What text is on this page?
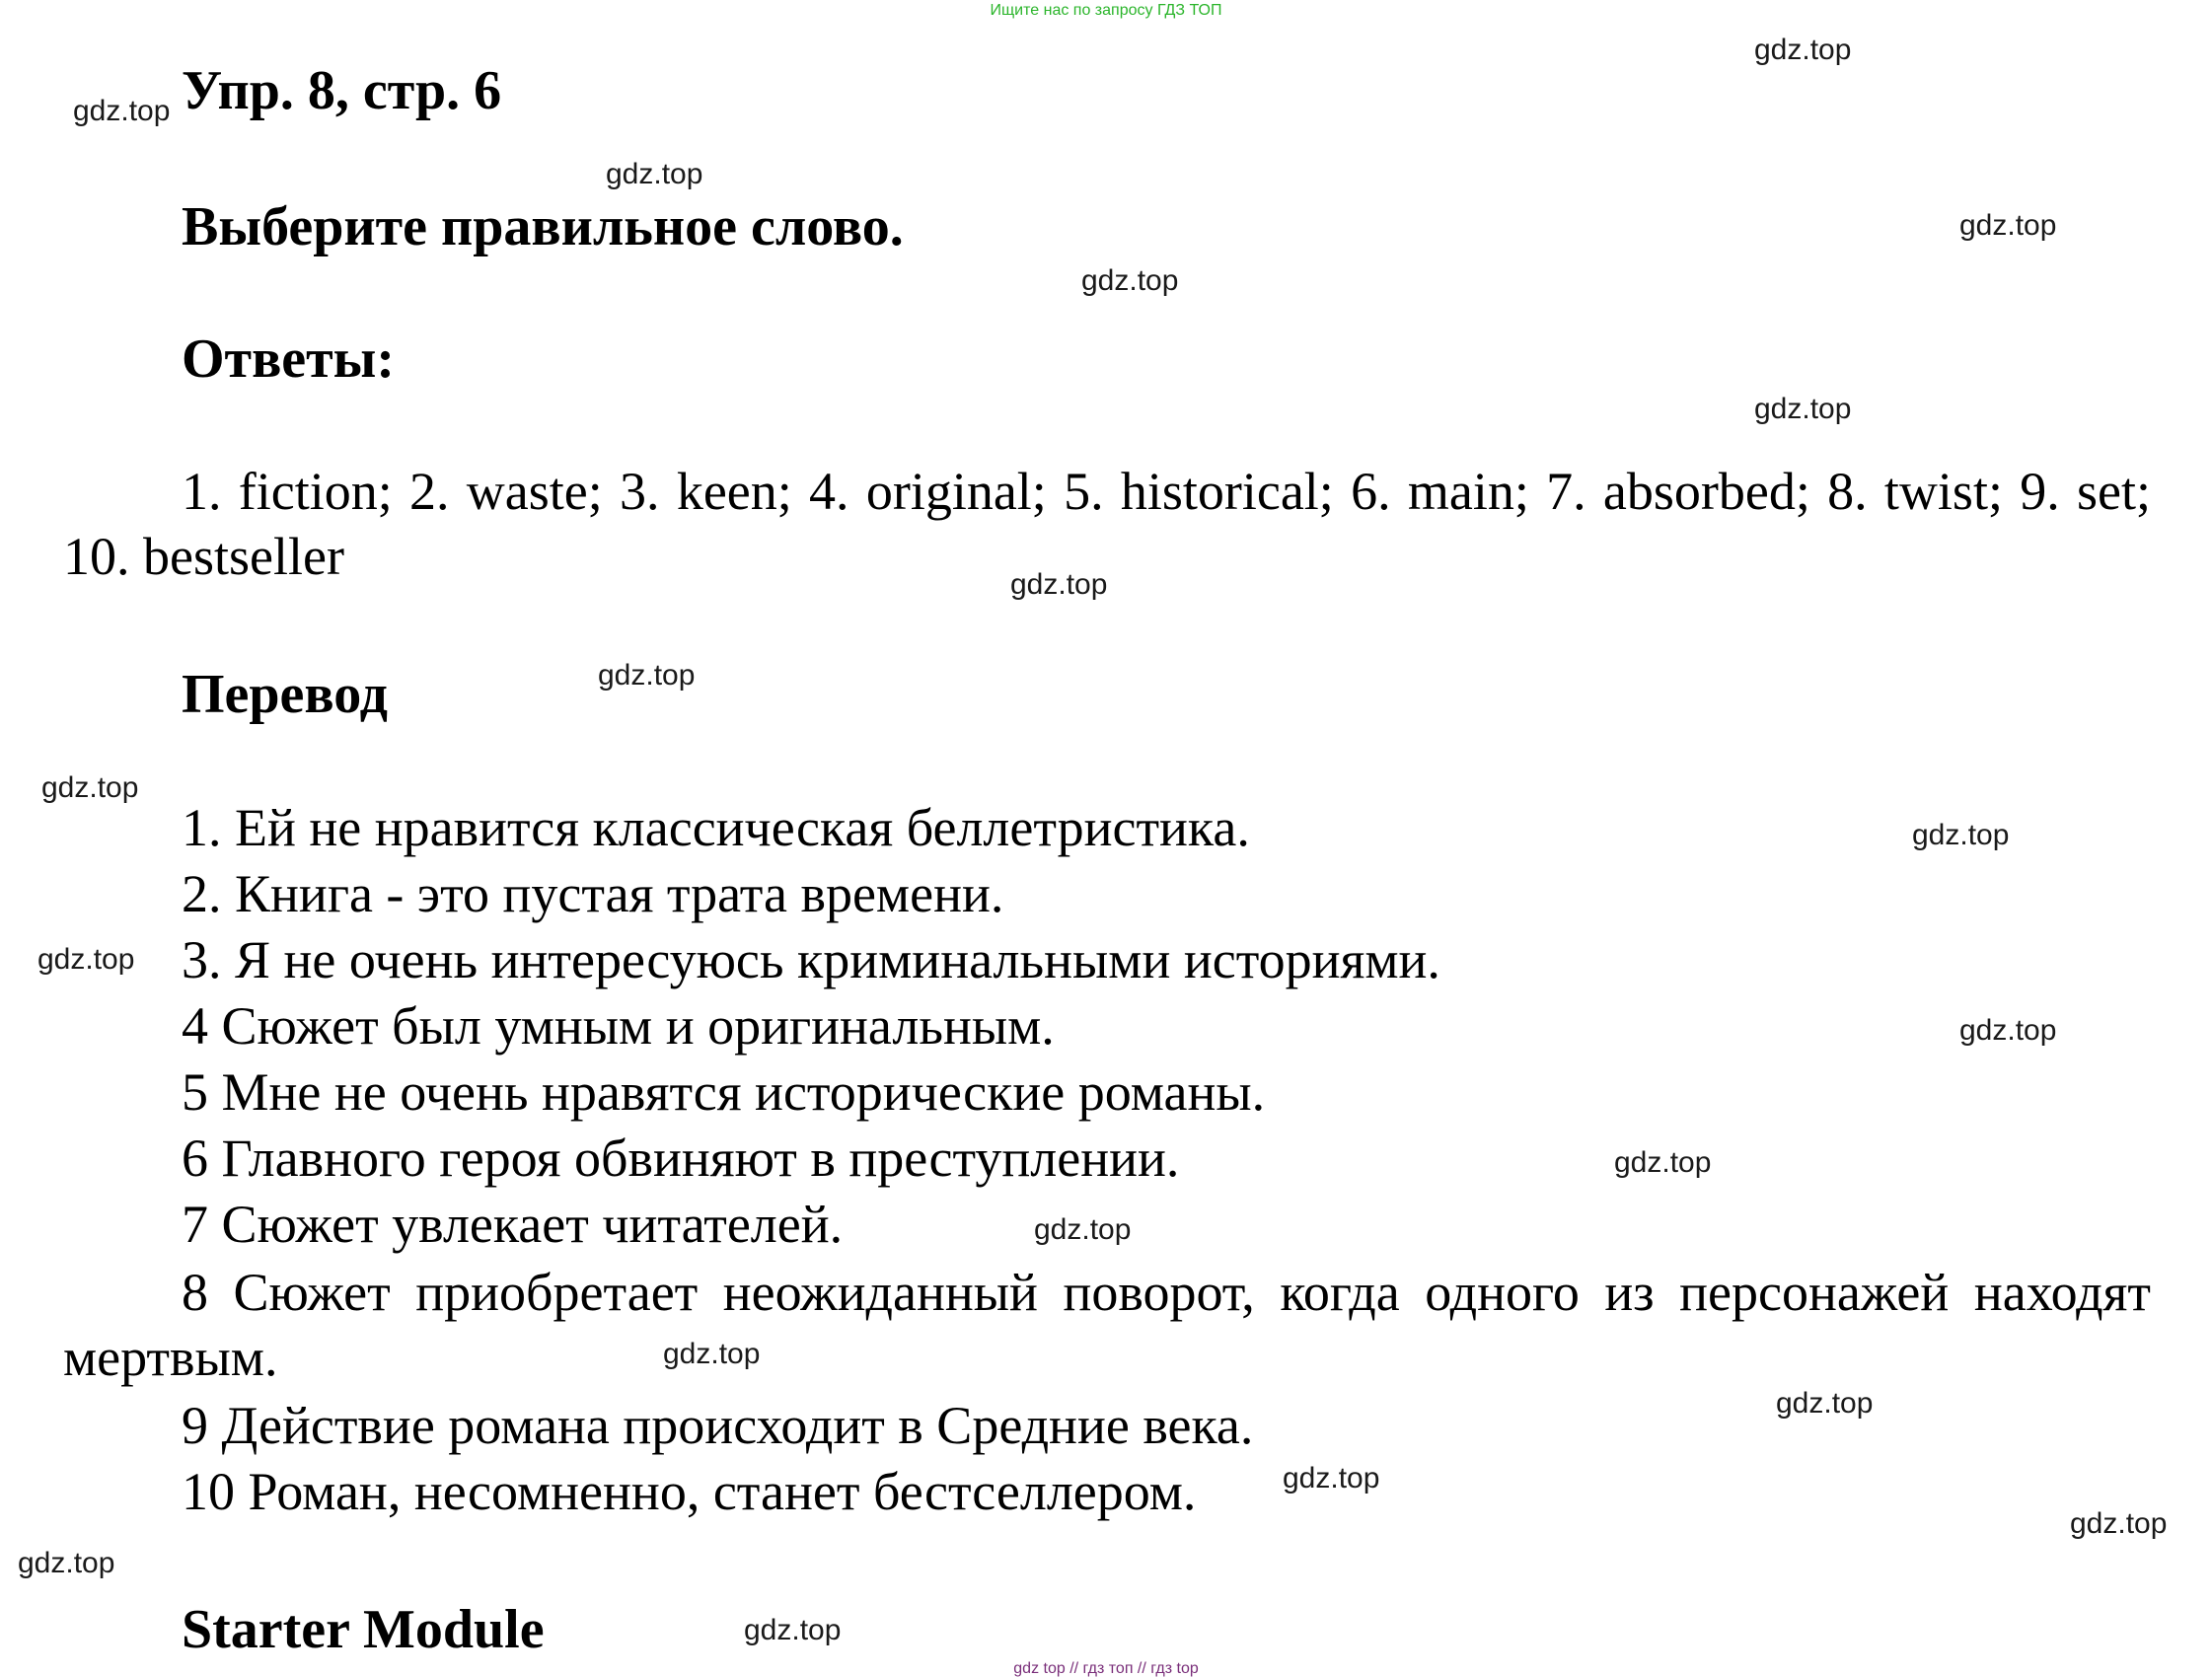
Ищите нас по запросу ГДЗ ТОП
Упр. 8, стр. 6
Выберите правильное слово.
Ответы:
1. fiction; 2. waste; 3. keen; 4. original; 5. historical; 6. main; 7. absorbed; 8. twist; 9. set; 10. bestseller
Перевод
1. Ей не нравится классическая беллетристика.
2. Книга - это пустая трата времени.
3. Я не очень интересуюсь криминальными историями.
4 Сюжет был умным и оригинальным.
5 Мне не очень нравятся исторические романы.
6 Главного героя обвиняют в преступлении.
7 Сюжет увлекает читателей.
8 Сюжет приобретает неожиданный поворот, когда одного из персонажей находят мертвым.
9 Действие романа происходит в Средние века.
10 Роман, несомненно, станет бестселлером.
Starter Module
gdz.top
gdz.top
gdz.top
gdz.top
gdz.top
gdz.top
gdz.top
gdz.top
gdz.top
gdz.top
gdz.top
gdz.top
gdz.top
gdz.top
gdz.top
gdz.top
gdz.top
gdz.top
gdz.top
gdz.top
gdz top // гдз топ // гдз top
